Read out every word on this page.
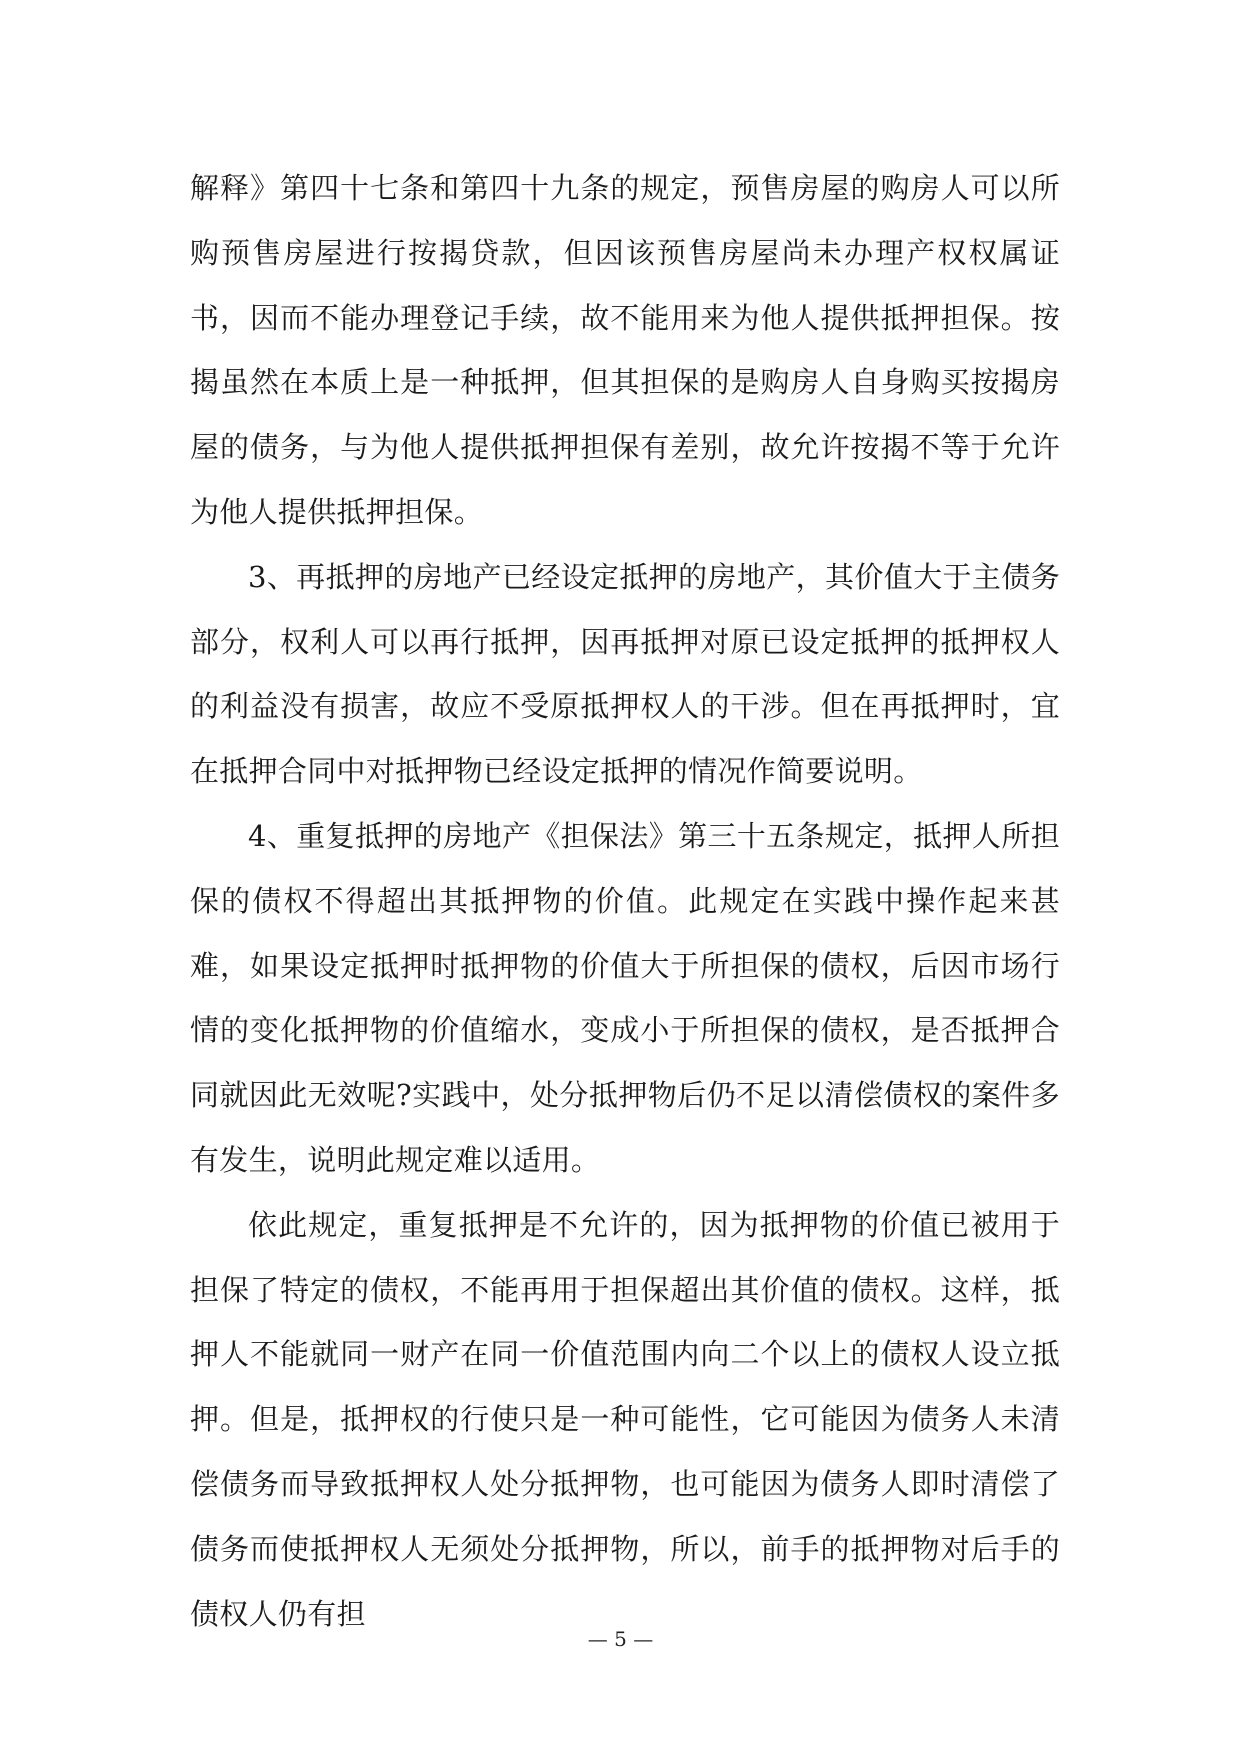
解释》第四十七条和第四十九条的规定，预售房屋的购房人可以所购预售房屋进行按揭贷款，但因该预售房屋尚未办理产权权属证书，因而不能办理登记手续，故不能用来为他人提供抵押担保。按揭虽然在本质上是一种抵押，但其担保的是购房人自身购买按揭房屋的债务，与为他人提供抵押担保有差别，故允许按揭不等于允许为他人提供抵押担保。

3、再抵押的房地产已经设定抵押的房地产，其价值大于主债务部分，权利人可以再行抵押，因再抵押对原已设定抵押的抵押权人的利益没有损害，故应不受原抵押权人的干涉。但在再抵押时，宜在抵押合同中对抵押物已经设定抵押的情况作简要说明。

4、重复抵押的房地产《担保法》第三十五条规定，抵押人所担保的债权不得超出其抵押物的价值。此规定在实践中操作起来甚难，如果设定抵押时抵押物的价值大于所担保的债权，后因市场行情的变化抵押物的价值缩水，变成小于所担保的债权，是否抵押合同就因此无效呢?实践中，处分抵押物后仍不足以清偿债权的案件多有发生，说明此规定难以适用。

依此规定，重复抵押是不允许的，因为抵押物的价值已被用于担保了特定的债权，不能再用于担保超出其价值的债权。这样，抵押人不能就同一财产在同一价值范围内向二个以上的债权人设立抵押。但是，抵押权的行使只是一种可能性，它可能因为债务人未清偿债务而导致抵押权人处分抵押物，也可能因为债务人即时清偿了债务而使抵押权人无须处分抵押物，所以，前手的抵押物对后手的债权人仍有担

— 5 —
